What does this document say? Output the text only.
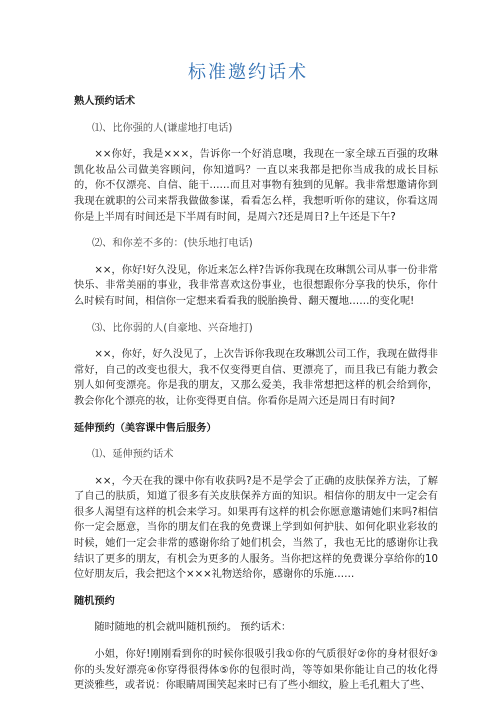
标准邀约话术
熟人预约话术
⑴、比你强的人(谦虚地打电话)
××你好，我是×××，告诉你一个好消息噢，我现在一家全球五百强的玫琳凯化妆品公司做美容顾问，你知道吗？一直以来我都是把你当成我的成长目标的，你不仅漂亮、自信、能干……而且对事物有独到的见解。我非常想邀请你到我现在就职的公司来帮我做做参谋，看看怎么样，我想听听你的建议，你看这周你是上半周有时间还是下半周有时间，是周六?还是周日?上午还是下午?
⑵、和你差不多的：(快乐地打电话)
××，你好!好久没见，你近来怎么样?告诉你我现在玫琳凯公司从事一份非常快乐、非常美丽的事业，我非常喜欢这份事业，也很想跟你分享我的快乐，你什么时候有时间，相信你一定想来看看我的脱胎换骨、翻天覆地……的变化呢!
⑶、比你弱的人(自豪地、兴奋地打)
××，你好，好久没见了，上次告诉你我现在玫琳凯公司工作，我现在做得非常好，自己的改变也很大，我不仅变得更自信、更漂亮了，而且我已有能力教会别人如何变漂亮。你是我的朋友，又那么爱美，我非常想把这样的机会给到你，教会你化个漂亮的妆，让你变得更自信。你看你是周六还是周日有时间?
延伸预约（美容课中售后服务）
⑴、延伸预约话术
××，今天在我的课中你有收获吗?是不是学会了正确的皮肤保养方法，了解了自己的肤质，知道了很多有关皮肤保养方面的知识。相信你的朋友中一定会有很多人渴望有这样的机会来学习。如果再有这样的机会你愿意邀请她们来吗?相信你一定会愿意，当你的朋友们在我的免费课上学到如何护肤、如何化职业彩妆的时候，她们一定会非常的感谢你给了她们机会，当然了，我也无比的感谢你让我结识了更多的朋友，有机会为更多的人服务。当你把这样的免费课分享给你的10位好朋友后，我会把这个×××礼物送给你，感谢你的乐施……
随机预约
随时随地的机会就叫随机预约。 预约话术：
小姐，你好!刚刚看到你的时候你很吸引我①你的气质很好②你的身材很好③你的头发好漂亮④你穿得很得体⑤你的包很时尚，等等如果你能让自己的妆化得更淡雅些，或者说：你眼睛周围笑起来时已有了些小细纹，脸上毛孔粗大了些、
